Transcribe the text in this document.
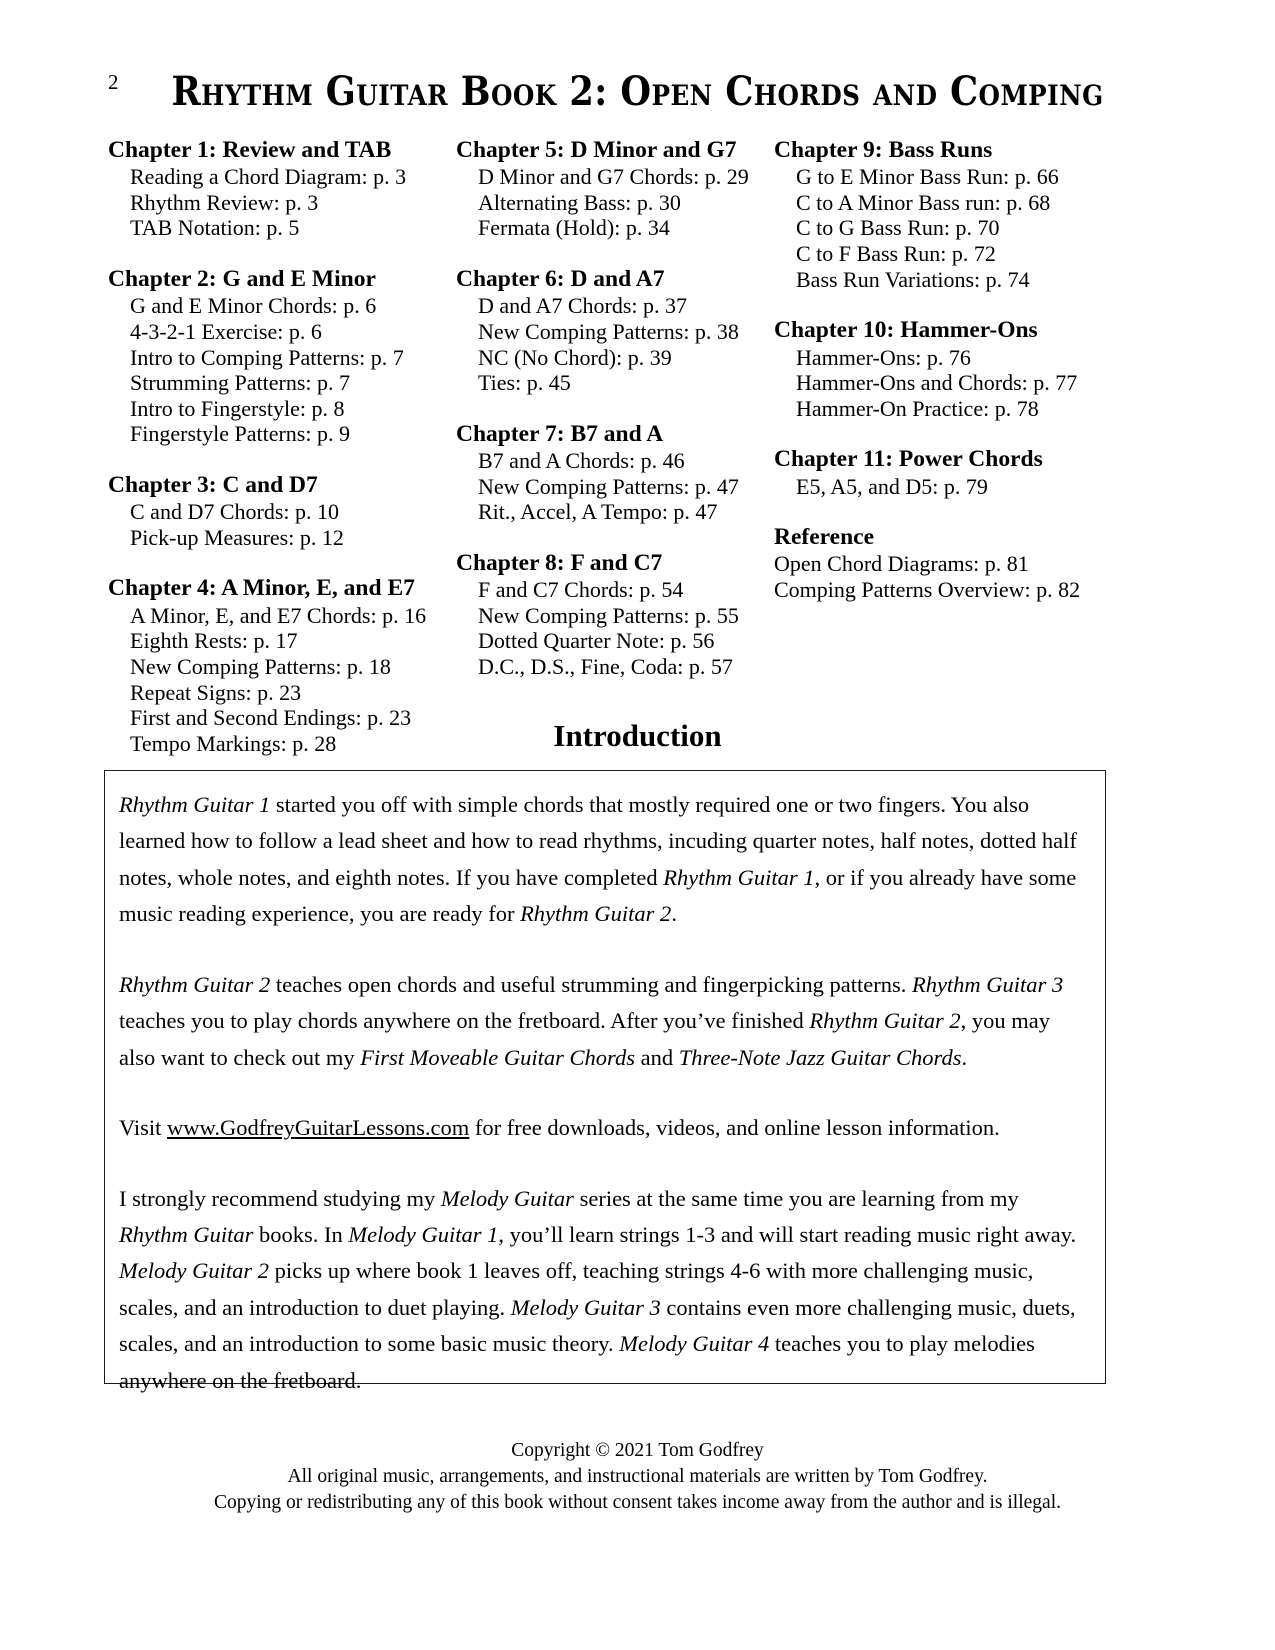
2	Rhythm Guitar Book 2: Open Chords and Comping
Chapter 1: Review and TAB
Reading a Chord Diagram: p. 3
Rhythm Review: p. 3
TAB Notation: p. 5
Chapter 2: G and E Minor
G and E Minor Chords: p. 6
4-3-2-1 Exercise: p. 6
Intro to Comping Patterns: p. 7
Strumming Patterns: p. 7
Intro to Fingerstyle: p. 8
Fingerstyle Patterns: p. 9
Chapter 3: C and D7
C and D7 Chords: p. 10
Pick-up Measures: p. 12
Chapter 4: A Minor, E, and E7
A Minor, E, and E7 Chords: p. 16
Eighth Rests: p. 17
New Comping Patterns: p. 18
Repeat Signs: p. 23
First and Second Endings: p. 23
Tempo Markings: p. 28
Chapter 5: D Minor and G7
D Minor and G7 Chords: p. 29
Alternating Bass: p. 30
Fermata (Hold): p. 34
Chapter 6: D and A7
D and A7 Chords: p. 37
New Comping Patterns: p. 38
NC (No Chord): p. 39
Ties: p. 45
Chapter 7: B7 and A
B7 and A Chords: p. 46
New Comping Patterns: p. 47
Rit., Accel, A Tempo: p. 47
Chapter 8: F and C7
F and C7 Chords: p. 54
New Comping Patterns: p. 55
Dotted Quarter Note: p. 56
D.C., D.S., Fine, Coda: p. 57
Chapter 9: Bass Runs
G to E Minor Bass Run: p. 66
C to A Minor Bass run: p. 68
C to G Bass Run: p. 70
C to F Bass Run: p. 72
Bass Run Variations: p. 74
Chapter 10: Hammer-Ons
Hammer-Ons: p. 76
Hammer-Ons and Chords: p. 77
Hammer-On Practice: p. 78
Chapter 11: Power Chords
E5, A5, and D5: p. 79
Reference
Open Chord Diagrams: p. 81
Comping Patterns Overview: p. 82
Introduction

Rhythm Guitar 1 started you off with simple chords that mostly required one or two fingers. You also learned how to follow a lead sheet and how to read rhythms, incuding quarter notes, half notes, dotted half notes, whole notes, and eighth notes. If you have completed Rhythm Guitar 1, or if you already have some music reading experience, you are ready for Rhythm Guitar 2.

Rhythm Guitar 2 teaches open chords and useful strumming and fingerpicking patterns. Rhythm Guitar 3 teaches you to play chords anywhere on the fretboard. After you’ve finished Rhythm Guitar 2, you may also want to check out my First Moveable Guitar Chords and Three-Note Jazz Guitar Chords.

Visit www.GodfreyGuitarLessons.com for free downloads, videos, and online lesson information.

I strongly recommend studying my Melody Guitar series at the same time you are learning from my Rhythm Guitar books. In Melody Guitar 1, you’ll learn strings 1-3 and will start reading music right away. Melody Guitar 2 picks up where book 1 leaves off, teaching strings 4-6 with more challenging music, scales, and an introduction to duet playing. Melody Guitar 3 contains even more challenging music, duets, scales, and an introduction to some basic music theory. Melody Guitar 4 teaches you to play melodies anywhere on the fretboard.

Copyright © 2021 Tom Godfrey
All original music, arrangements, and instructional materials are written by Tom Godfrey.
Copying or redistributing any of this book without consent takes income away from the author and is illegal.
